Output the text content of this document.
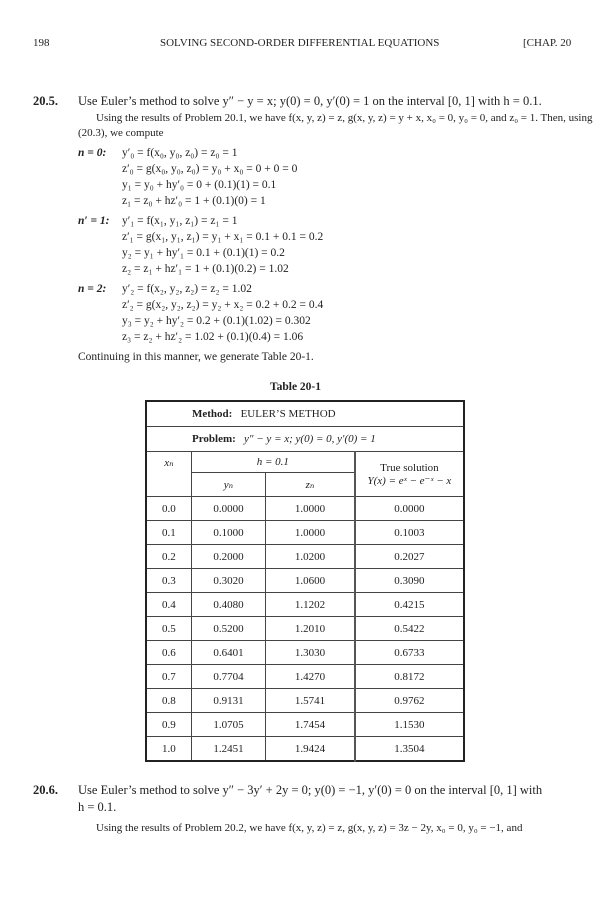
198	SOLVING SECOND-ORDER DIFFERENTIAL EQUATIONS	[CHAP. 20
20.5. Use Euler’s method to solve y″ − y = x; y(0) = 0, y′(0) = 1 on the interval [0, 1] with h = 0.1.
Using the results of Problem 20.1, we have f(x, y, z) = z, g(x, y, z) = y + x, x₀ = 0, y₀ = 0, and z₀ = 1. Then, using
(20.3), we compute
n = 0: y′₀ = f(x₀, y₀, z₀) = z₀ = 1
z′₀ = g(x₀, y₀, z₀) = y₀ + x₀ = 0 + 0 = 0
y₁ = y₀ + hy′₀ = 0 + (0.1)(1) = 0.1
z₁ = z₀ + hz′₀ = 1 + (0.1)(0) = 1
n′ = 1: y′₁ = f(x₁, y₁, z₁) = z₁ = 1
z′₁ = g(x₁, y₁, z₁) = y₁ + x₁ = 0.1 + 0.1 = 0.2
y₂ = y₁ + hy′₁ = 0.1 + (0.1)(1) = 0.2
z₂ = z₁ + hz′₁ = 1 + (0.1)(0.2) = 1.02
n = 2: y′₂ = f(x₂, y₂, z₂) = z₂ = 1.02
z′₂ = g(x₂, y₂, z₂) = y₂ + x₂ = 0.2 + 0.2 = 0.4
y₃ = y₂ + hy′₂ = 0.2 + (0.1)(1.02) = 0.302
z₃ = z₂ + hz′₂ = 1.02 + (0.1)(0.4) = 1.06
Continuing in this manner, we generate Table 20-1.
Table 20-1
Method: EULER’S METHOD			
Problem: y″ − y = x; y(0) = 0, y′(0) = 1			
xₙ	h = 0.1		True solution
Y(x) = eˣ − e⁻ˣ − x

	yₙ	zₙ	
0.0	0.0000	1.0000	0.0000
0.1	0.1000	1.0000	0.1003
0.2	0.2000	1.0200	0.2027
0.3	0.3020	1.0600	0.3090
0.4	0.4080	1.1202	0.4215
0.5	0.5200	1.2010	0.5422
0.6	0.6401	1.3030	0.6733
0.7	0.7704	1.4270	0.8172
0.8	0.9131	1.5741	0.9762
0.9	1.0705	1.7454	1.1530
1.0	1.2451	1.9424	1.3504
20.6. Use Euler’s method to solve y″ − 3y′ + 2y = 0; y(0) = −1, y′(0) = 0 on the interval [0, 1] with
h = 0.1.
Using the results of Problem 20.2, we have f(x, y, z) = z, g(x, y, z) = 3z − 2y, x₀ = 0, y₀ = −1, and
